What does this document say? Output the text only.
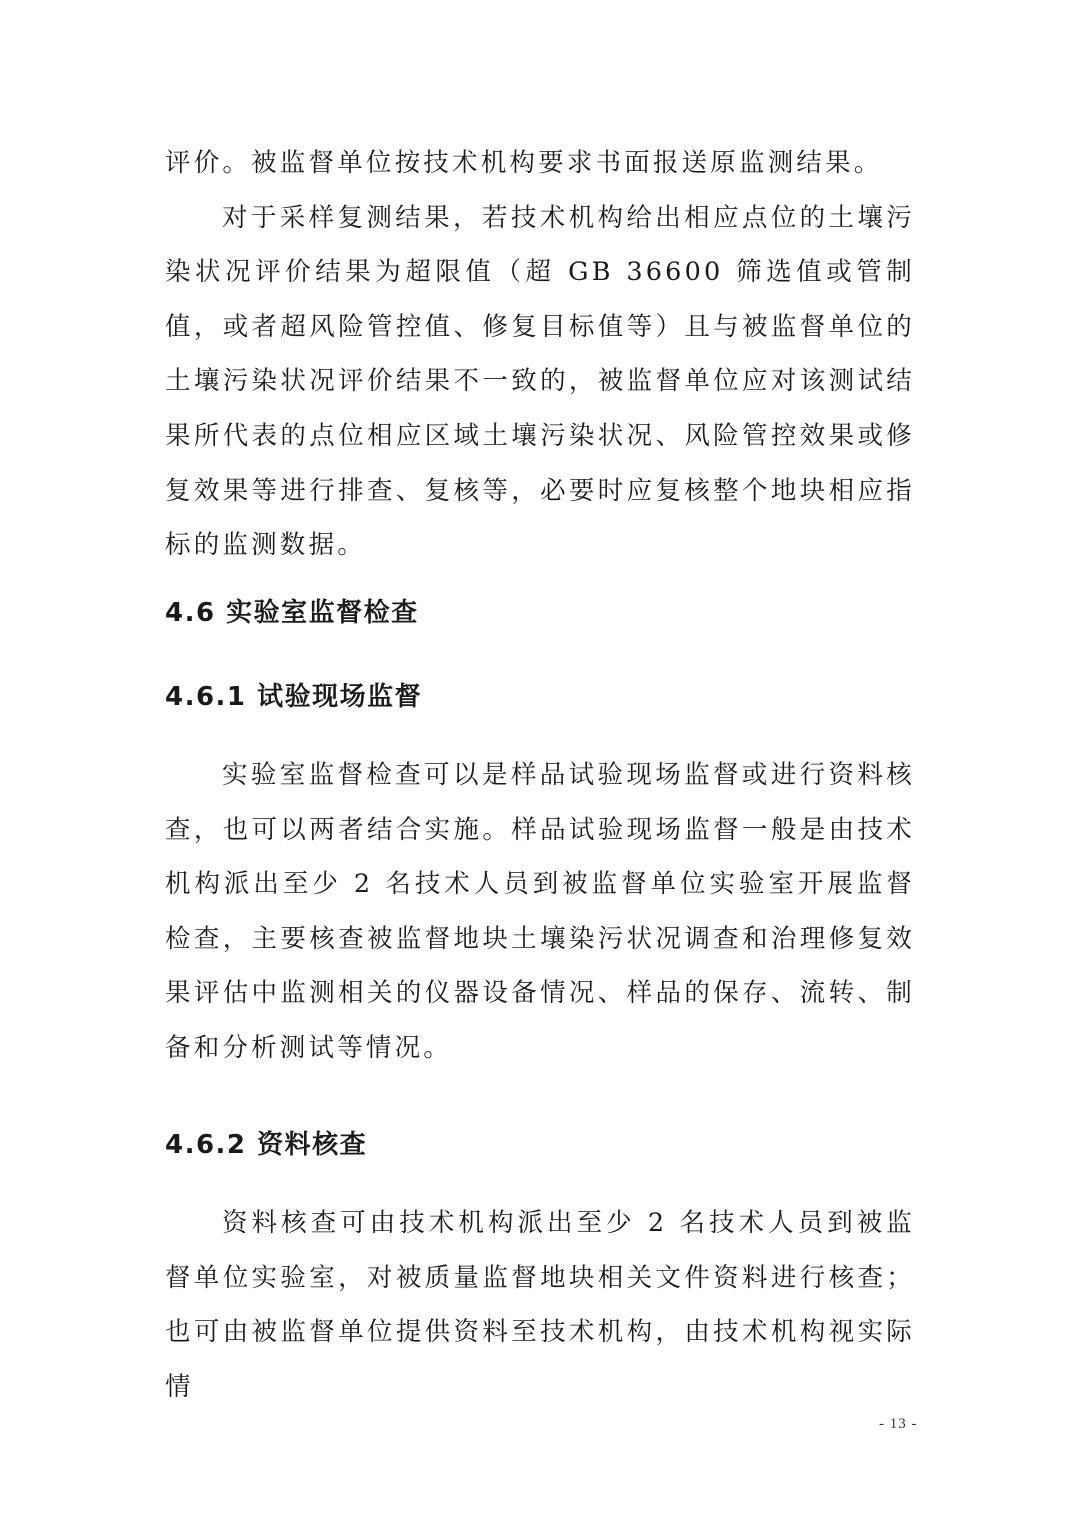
评价。被监督单位按技术机构要求书面报送原监测结果。

对于采样复测结果，若技术机构给出相应点位的土壤污染状况评价结果为超限值（超 GB 36600 筛选值或管制值，或者超风险管控值、修复目标值等）且与被监督单位的土壤污染状况评价结果不一致的，被监督单位应对该测试结果所代表的点位相应区域土壤污染状况、风险管控效果或修复效果等进行排查、复核等，必要时应复核整个地块相应指标的监测数据。

4.6 实验室监督检查
4.6.1 试验现场监督

实验室监督检查可以是样品试验现场监督或进行资料核查，也可以两者结合实施。样品试验现场监督一般是由技术机构派出至少 2 名技术人员到被监督单位实验室开展监督检查，主要核查被监督地块土壤染污状况调查和治理修复效果评估中监测相关的仪器设备情况、样品的保存、流转、制备和分析测试等情况。

4.6.2 资料核查

资料核查可由技术机构派出至少 2 名技术人员到被监督单位实验室，对被质量监督地块相关文件资料进行核查；也可由被监督单位提供资料至技术机构，由技术机构视实际情

- 13 -
